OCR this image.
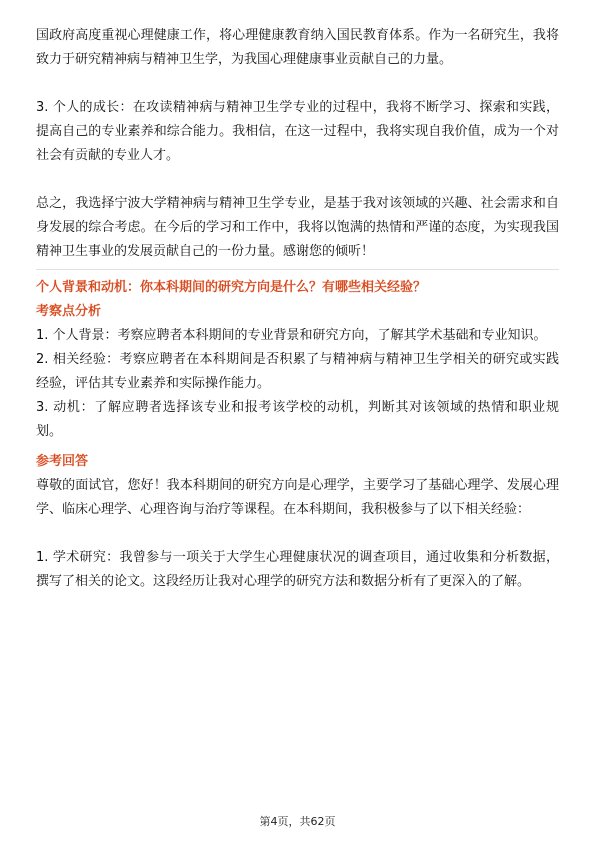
国政府高度重视心理健康工作，将心理健康教育纳入国民教育体系。作为一名研究生，我将致力于研究精神病与精神卫生学，为我国心理健康事业贡献自己的力量。

3. 个人的成长：在攻读精神病与精神卫生学专业的过程中，我将不断学习、探索和实践，提高自己的专业素养和综合能力。我相信，在这一过程中，我将实现自我价值，成为一个对社会有贡献的专业人才。

总之，我选择宁波大学精神病与精神卫生学专业，是基于我对该领域的兴趣、社会需求和自身发展的综合考虑。在今后的学习和工作中，我将以饱满的热情和严谨的态度，为实现我国精神卫生事业的发展贡献自己的一份力量。感谢您的倾听！

个人背景和动机：你本科期间的研究方向是什么？有哪些相关经验？

考察点分析

1. 个人背景：考察应聘者本科期间的专业背景和研究方向，了解其学术基础和专业知识。

2. 相关经验：考察应聘者在本科期间是否积累了与精神病与精神卫生学相关的研究或实践经验，评估其专业素养和实际操作能力。

3. 动机：了解应聘者选择该专业和报考该学校的动机，判断其对该领域的热情和职业规划。

参考回答

尊敬的面试官，您好！我本科期间的研究方向是心理学，主要学习了基础心理学、发展心理学、临床心理学、心理咨询与治疗等课程。在本科期间，我积极参与了以下相关经验：

1. 学术研究：我曾参与一项关于大学生心理健康状况的调查项目，通过收集和分析数据，撰写了相关的论文。这段经历让我对心理学的研究方法和数据分析有了更深入的了解。

第4页，共62页
